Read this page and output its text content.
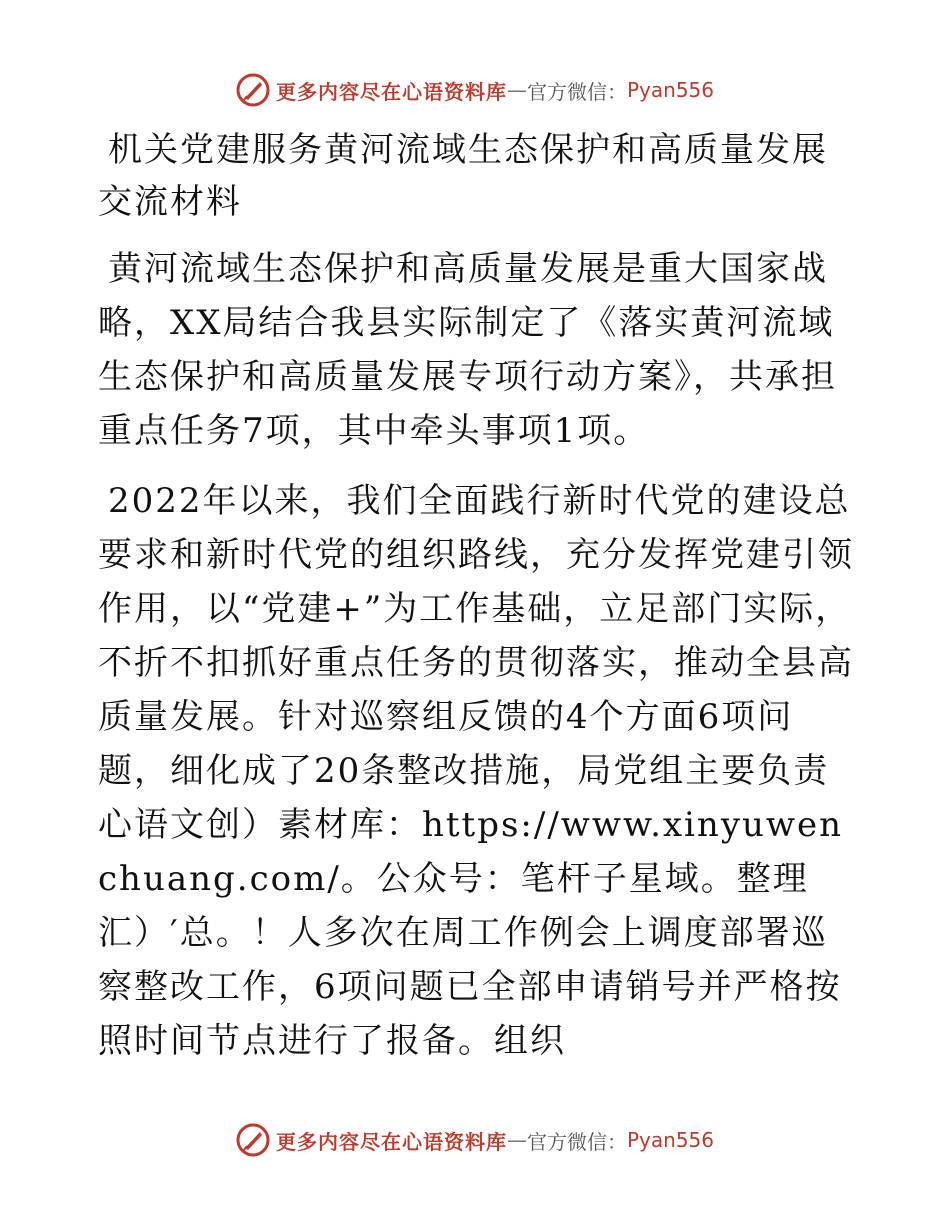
更多内容尽在心语资料库 — 官方微信： Pyan556
机关党建服务黄河流域生态保护和高质量发展交流材料

黄河流域生态保护和高质量发展是重大国家战略，XX局结合我县实际制定了《落实黄河流域生态保护和高质量发展专项行动方案》，共承担重点任务7项，其中牵头事项1项。

2022年以来，我们全面践行新时代党的建设总要求和新时代党的组织路线，充分发挥党建引领作用，以“党建+”为工作基础，立足部门实际，不折不扣抓好重点任务的贯彻落实，推动全县高质量发展。针对巡察组反馈的4个方面6项问题，细化成了20条整改措施，局党组主要负责心语文创）素材库：https://www.xinyuwenchuang.com/。公众号：笔杆子星域。整理汇）′总。！人多次在周工作例会上调度部署巡察整改工作，6项问题已全部申请销号并严格按照时间节点进行了报备。组织

更多内容尽在心语资料库 — 官方微信： Pyan556
